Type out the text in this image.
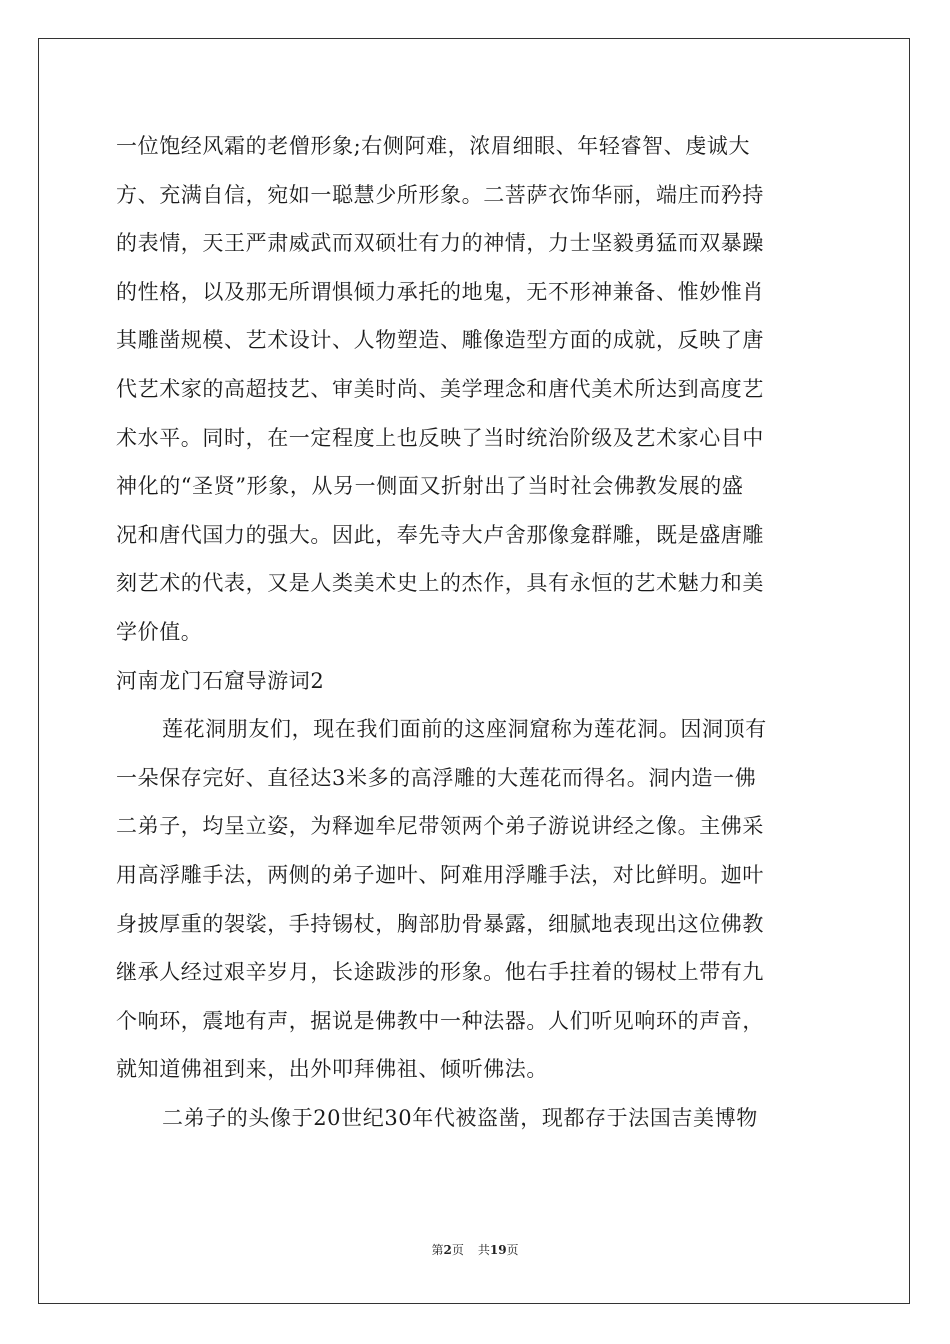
一位饱经风霜的老僧形象;右侧阿难，浓眉细眼、年轻睿智、虔诚大
方、充满自信，宛如一聪慧少所形象。二菩萨衣饰华丽，端庄而矜持
的表情，天王严肃威武而双硕壮有力的神情，力士坚毅勇猛而双暴躁
的性格，以及那无所谓惧倾力承托的地鬼，无不形神兼备、惟妙惟肖
其雕凿规模、艺术设计、人物塑造、雕像造型方面的成就，反映了唐
代艺术家的高超技艺、审美时尚、美学理念和唐代美术所达到高度艺
术水平。同时，在一定程度上也反映了当时统治阶级及艺术家心目中
神化的“圣贤”形象，从另一侧面又折射出了当时社会佛教发展的盛
况和唐代国力的强大。因此，奉先寺大卢舍那像龛群雕，既是盛唐雕
刻艺术的代表，又是人类美术史上的杰作，具有永恒的艺术魅力和美
学价值。
河南龙门石窟导游词2
莲花洞朋友们，现在我们面前的这座洞窟称为莲花洞。因洞顶有
一朵保存完好、直径达3米多的高浮雕的大莲花而得名。洞内造一佛
二弟子，均呈立姿，为释迦牟尼带领两个弟子游说讲经之像。主佛采
用高浮雕手法，两侧的弟子迦叶、阿难用浮雕手法，对比鲜明。迦叶
身披厚重的袈裟，手持锡杖，胸部肋骨暴露，细腻地表现出这位佛教
继承人经过艰辛岁月，长途跋涉的形象。他右手拄着的锡杖上带有九
个响环，震地有声，据说是佛教中一种法器。人们听见响环的声音，
就知道佛祖到来，出外叩拜佛祖、倾听佛法。
二弟子的头像于20世纪30年代被盗凿，现都存于法国吉美博物
第2页 共19页
